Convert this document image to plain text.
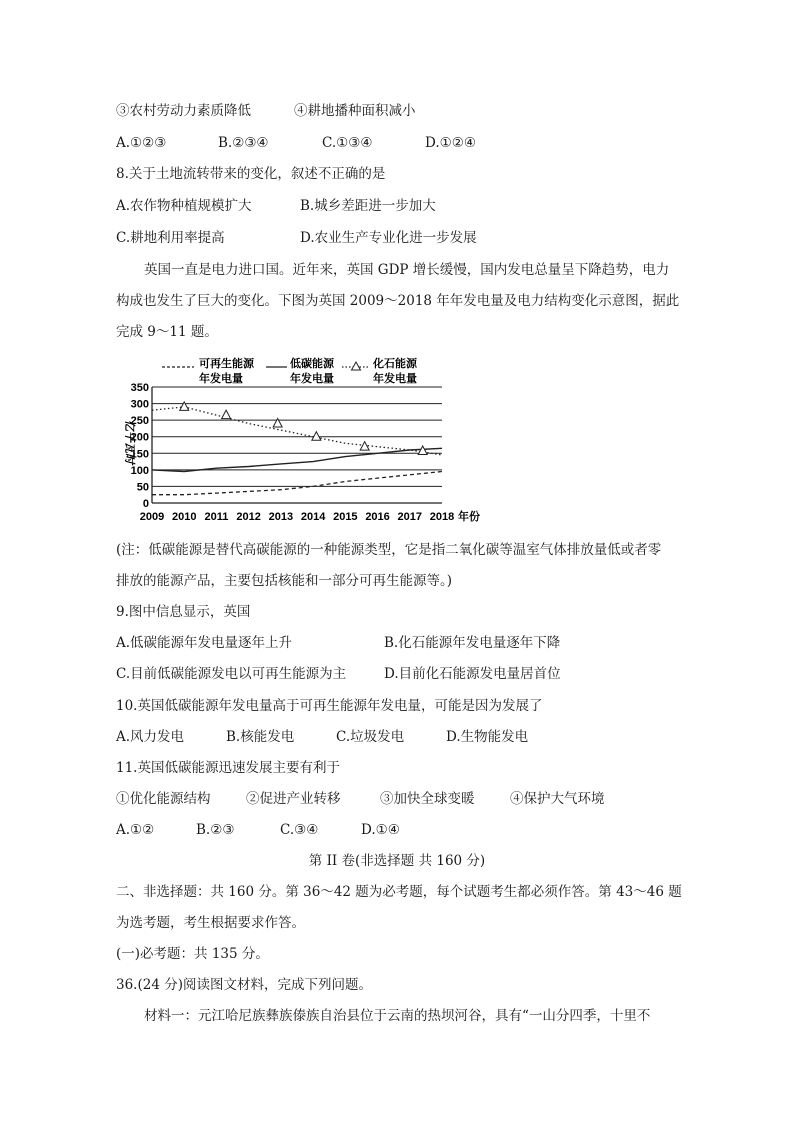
③农村劳动力素质降低	④耕地播种面积减小
A.①②③	B.②③④	C.①③④	D.①②④
8.关于土地流转带来的变化，叙述不正确的是
A.农作物种植规模扩大	B.城乡差距进一步加大
C.耕地利用率提高	D.农业生产专业化进一步发展
英国一直是电力进口国。近年来，英国 GDP 增长缓慢，国内发电总量呈下降趋势，电力
构成也发生了巨大的变化。下图为英国 2009～2018 年年发电量及电力结构变化示意图，据此
完成 9～11 题。
可再生能源
年发电量
低碳能源
年发电量
化石能源
年发电量
亿千瓦时
0
50
100
150
200
250
300
350
2009 2010 2011 2012 2013 2014 2015 2016 2017 2018 年份
(注：低碳能源是替代高碳能源的一种能源类型，它是指二氧化碳等温室气体排放量低或者零
排放的能源产品，主要包括核能和一部分可再生能源等。)
9.图中信息显示，英国
A.低碳能源年发电量逐年上升	B.化石能源年发电量逐年下降
C.目前低碳能源发电以可再生能源为主	D.目前化石能源发电量居首位
10.英国低碳能源年发电量高于可再生能源年发电量，可能是因为发展了
A.风力发电	B.核能发电	C.垃圾发电	D.生物能发电
11.英国低碳能源迅速发展主要有利于
①优化能源结构	②促进产业转移	③加快全球变暖	④保护大气环境
A.①②	B.②③	C.③④	D.①④
第 II 卷(非选择题 共 160 分)
二、非选择题：共 160 分。第 36～42 题为必考题，每个试题考生都必须作答。第 43～46 题
为选考题，考生根据要求作答。
(一)必考题：共 135 分。
36.(24 分)阅读图文材料，完成下列问题。
材料一：元江哈尼族彝族傣族自治县位于云南的热坝河谷，具有“一山分四季，十里不
